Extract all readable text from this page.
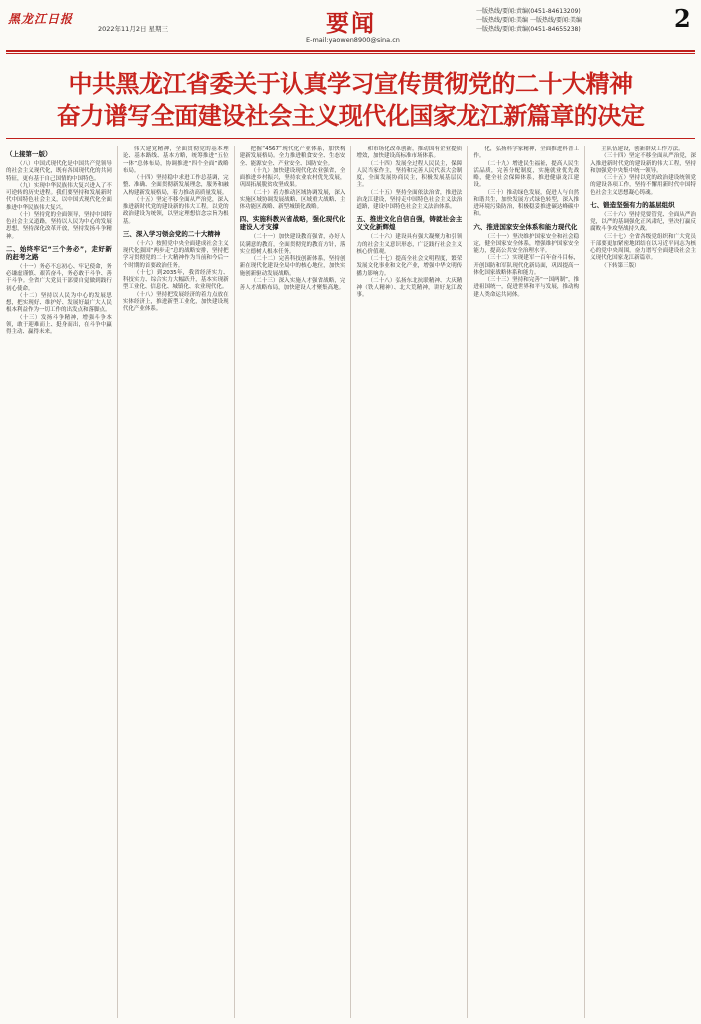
黑龙江日报
2022年11月2日 星期三	要闻
E-mail:yaowen8900@sina.cn
一版热线/要闻:责编(0451-84613209)
一版热线/要闻:美编 一版热线/要闻:美编
一版热线/要闻:责编(0451-84655238)	2
中共黑龙江省委关于认真学习宣传贯彻党的二十大精神
奋力谱写全面建设社会主义现代化国家龙江新篇章的决定

（上接第一版）

（八）中国式现代化是中国共产党领导的社会主义现代化，既有各国现代化的共同特征，更有基于自己国情的中国特色。

（九）实现中华民族伟大复兴进入了不可逆转的历史进程。我们要坚持和发展新时代中国特色社会主义，以中国式现代化全面推进中华民族伟大复兴。

（十）坚持党的全面领导，坚持中国特色社会主义道路，坚持以人民为中心的发展思想，坚持深化改革开放，坚持发扬斗争精神。

二、始终牢记“三个务必”，走好新的赶考之路

（十一）务必不忘初心、牢记使命，务必谦虚谨慎、艰苦奋斗，务必敢于斗争、善于斗争。全省广大党员干部要自觉做到践行初心使命。

（十二）坚持以人民为中心的发展思想，把实现好、维护好、发展好最广大人民根本利益作为一切工作的出发点和落脚点。

（十三）发扬斗争精神，增强斗争本领，敢于迎难而上、挺身而出，在斗争中赢得主动、赢得未来。

伟大建党精神，全面贯彻党的基本理论、基本路线、基本方略，统筹推进“五位一体”总体布局，协调推进“四个全面”战略布局。

（十四）坚持稳中求进工作总基调，完整、准确、全面贯彻新发展理念，服务和融入构建新发展格局，着力推动高质量发展。

（十五）坚定不移全面从严治党，深入推进新时代党的建设新的伟大工程。以党的政治建设为统领，以坚定理想信念宗旨为根基。

三、深入学习领会党的二十大精神

（十六）按照党中央全面建成社会主义现代化强国“两步走”总的战略安排，坚持把学习贯彻党的二十大精神作为当前和今后一个时期的首要政治任务。

（十七）到2035年，我省经济实力、科技实力、综合实力大幅跃升，基本实现新型工业化、信息化、城镇化、农业现代化。

（十八）坚持把发展经济的着力点放在实体经济上，推进新型工业化，加快建设现代化产业体系。

把握“4567”现代化产业体系，加快构建新发展格局。全力推进粮食安全、生态安全、能源安全、产业安全、国防安全。

（十九）加快建设现代化农业强省，全面推进乡村振兴，坚持农业农村优先发展，巩固拓展脱贫攻坚成果。

（二十）着力推动区域协调发展，深入实施区域协调发展战略、区域重大战略、主体功能区战略、新型城镇化战略。

四、实施科教兴省战略，强化现代化建设人才支撑

（二十一）加快建设教育强省，办好人民满意的教育，全面贯彻党的教育方针，落实立德树人根本任务。

（二十二）完善科技创新体系，坚持创新在现代化建设全局中的核心地位，加快实施创新驱动发展战略。

（二十三）深入实施人才强省战略，完善人才战略布局，加快建设人才聚集高地。

和市场化改革创新，推动国有企业提质增效，加快建设高标准市场体系。

（二十四）发展全过程人民民主，保障人民当家作主，坚持和完善人民代表大会制度，全面发展协商民主，积极发展基层民主。

（二十五）坚持全面依法治省，推进法治龙江建设，坚持走中国特色社会主义法治道路，建设中国特色社会主义法治体系。

五、推进文化自信自强，铸就社会主义文化新辉煌

（二十六）建设具有强大凝聚力和引领力的社会主义意识形态，广泛践行社会主义核心价值观。

（二十七）提高全社会文明程度，繁荣发展文化事业和文化产业，增强中华文明传播力影响力。

（二十八）弘扬东北抗联精神、大庆精神（铁人精神）、北大荒精神，讲好龙江故事。

化，弘扬科学家精神，全面推进科普工作。

（二十九）增进民生福祉，提高人民生活品质，完善分配制度，实施就业优先战略，健全社会保障体系，推进健康龙江建设。

（三十）推动绿色发展，促进人与自然和谐共生，加快发展方式绿色转型，深入推进环境污染防治，积极稳妥推进碳达峰碳中和。

六、推进国家安全体系和能力现代化

（三十一）坚决维护国家安全和社会稳定，健全国家安全体系，增强维护国家安全能力，提高公共安全治理水平。

（三十二）实现建军一百年奋斗目标，开创国防和军队现代化新局面，巩固提高一体化国家战略体系和能力。

（三十三）坚持和完善“一国两制”，推进祖国统一，促进世界和平与发展，推动构建人类命运共同体。

主队伍建设，创新群众工作方法。

（三十四）坚定不移全面从严治党，深入推进新时代党的建设新的伟大工程，坚持和加强党中央集中统一领导。

（三十五）坚持以党的政治建设统领党的建设各项工作，坚持不懈用新时代中国特色社会主义思想凝心铸魂。

七、锻造坚强有力的基层组织

（三十六）坚持党要管党、全面从严治党，以严的基调强化正风肃纪，坚决打赢反腐败斗争攻坚战持久战。

（三十七）全省各级党组织和广大党员干部要更加紧密地团结在以习近平同志为核心的党中央周围，奋力谱写全面建设社会主义现代化国家龙江新篇章。

（下转第三版）
